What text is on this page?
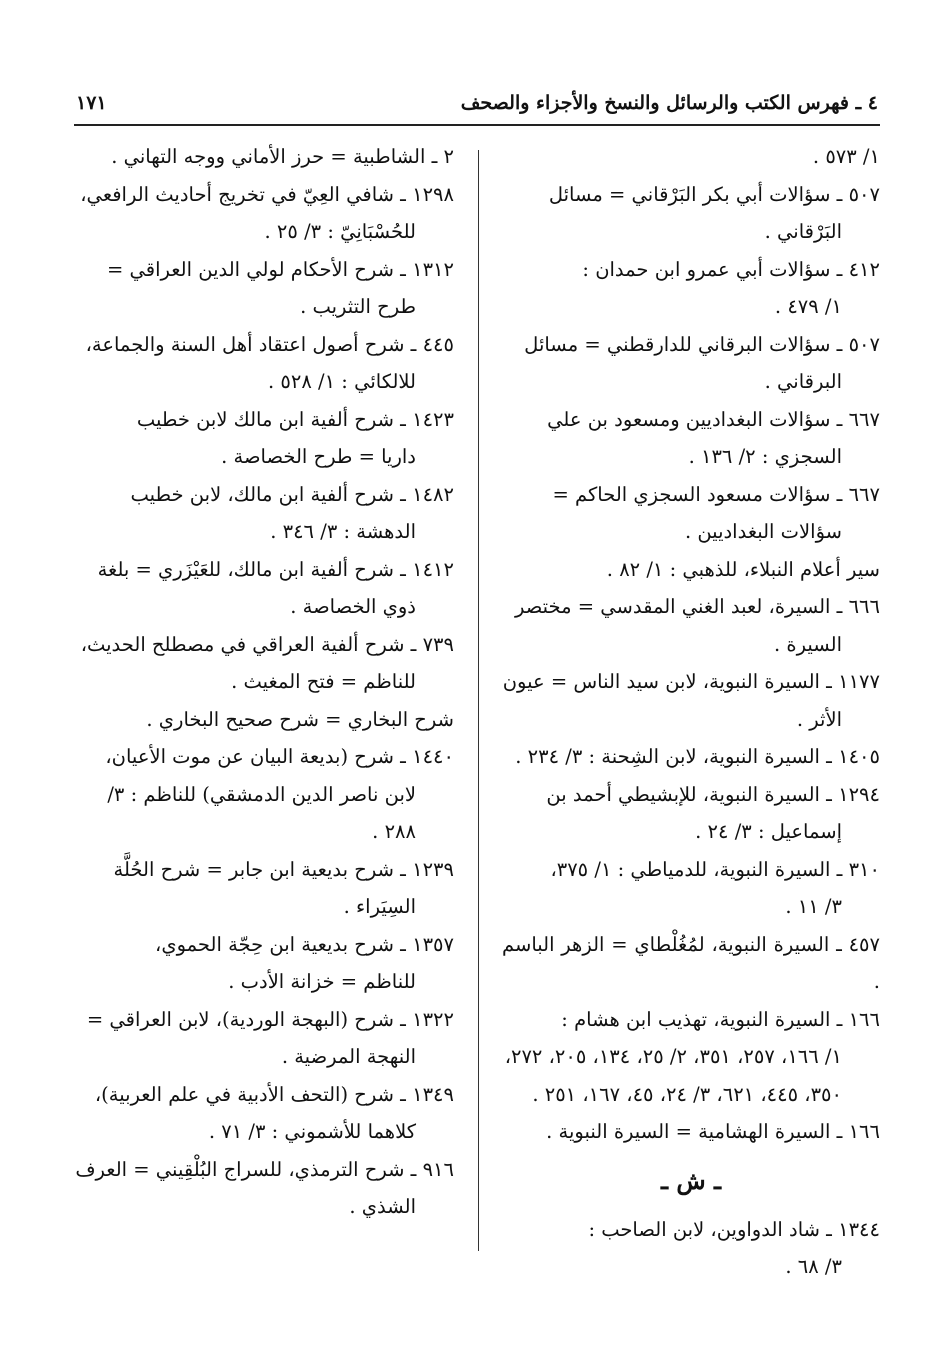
٤ ـ فهرس الكتب والرسائل والنسخ والأجزاء والصحف
١٧١
١/ ٥٧٣ .
٥٠٧ ـ سؤالات أبي بكر البَرْقاني = مسائل
البَرْقاني .
٤١٢ ـ سؤالات أبي عمرو ابن حمدان :
١/ ٤٧٩ .
٥٠٧ ـ سؤالات البرقاني للدارقطني = مسائل
البرقاني .
٦٦٧ ـ سؤالات البغداديين ومسعود بن علي
السجزي : ٢/ ١٣٦ .
٦٦٧ ـ سؤالات مسعود السجزي الحاكم =
سؤالات البغداديين .
سير أعلام النبلاء، للذهبي : ١/ ٨٢ .
٦٦٦ ـ السيرة، لعبد الغني المقدسي = مختصر
السيرة .
١١٧٧ ـ السيرة النبوية، لابن سيد الناس = عيون
الأثر .
١٤٠٥ ـ السيرة النبوية، لابن الشِحنة : ٣/ ٢٣٤ .
١٢٩٤ ـ السيرة النبوية، للإبشيطي أحمد بن
إسماعيل : ٣/ ٢٤ .
٣١٠ ـ السيرة النبوية، للدمياطي : ١/ ٣٧٥،
٣/ ١١ .
٤٥٧ ـ السيرة النبوية، لمُغُلْطاي = الزهر الباسم .
١٦٦ ـ السيرة النبوية، تهذيب ابن هشام :
١/ ١٦٦، ٢٥٧، ٣٥١، ٢/ ٢٥، ١٣٤، ٢٠٥، ٢٧٢، ٣٥٠، ٤٤٥، ٦٢١، ٣/ ٢٤، ٤٥، ١٦٧، ٢٥١ .
١٦٦ ـ السيرة الهشامية = السيرة النبوية .
ـ ش ـ
١٣٤٤ ـ شاد الدواوين، لابن الصاحب :
٣/ ٦٨ .
٢ ـ الشاطبية = حرز الأماني ووجه التهاني .
١٢٩٨ ـ شافي العِيّ في تخريج أحاديث الرافعي،
للحُسْبَانِيّ : ٣/ ٢٥ .
١٣١٢ ـ شرح الأحكام لولي الدين العراقي =
طرح التثريب .
٤٤٥ ـ شرح أصول اعتقاد أهل السنة والجماعة،
للالكائي : ١/ ٥٢٨ .
١٤٢٣ ـ شرح ألفية ابن مالك لابن خطيب
داريا = طرح الخصاصة .
١٤٨٢ ـ شرح ألفية ابن مالك، لابن خطيب
الدهشة : ٣/ ٣٤٦ .
١٤١٢ ـ شرح ألفية ابن مالك، للعَيْزَري = بلغة
ذوي الخصاصة .
٧٣٩ ـ شرح ألفية العراقي في مصطلح الحديث،
للناظم = فتح المغيث .
شرح البخاري = شرح صحيح البخاري .
١٤٤٠ ـ شرح (بديعة البيان عن موت الأعيان،
لابن ناصر الدين الدمشقي) للناظم : ٣/ ٢٨٨ .
١٢٣٩ ـ شرح بديعية ابن جابر = شرح الحُلَّة
السِيَراء .
١٣٥٧ ـ شرح بديعية ابن حِجّة الحموي،
للناظم = خزانة الأدب .
١٣٢٢ ـ شرح (البهجة الوردية)، لابن العراقي =
النهجة المرضية .
١٣٤٩ ـ شرح (التحف الأدبية في علم العربية)،
كلاهما للأشموني : ٣/ ٧١ .
٩١٦ ـ شرح الترمذي، للسراج البُلْقِيني = العرف
الشذي .
